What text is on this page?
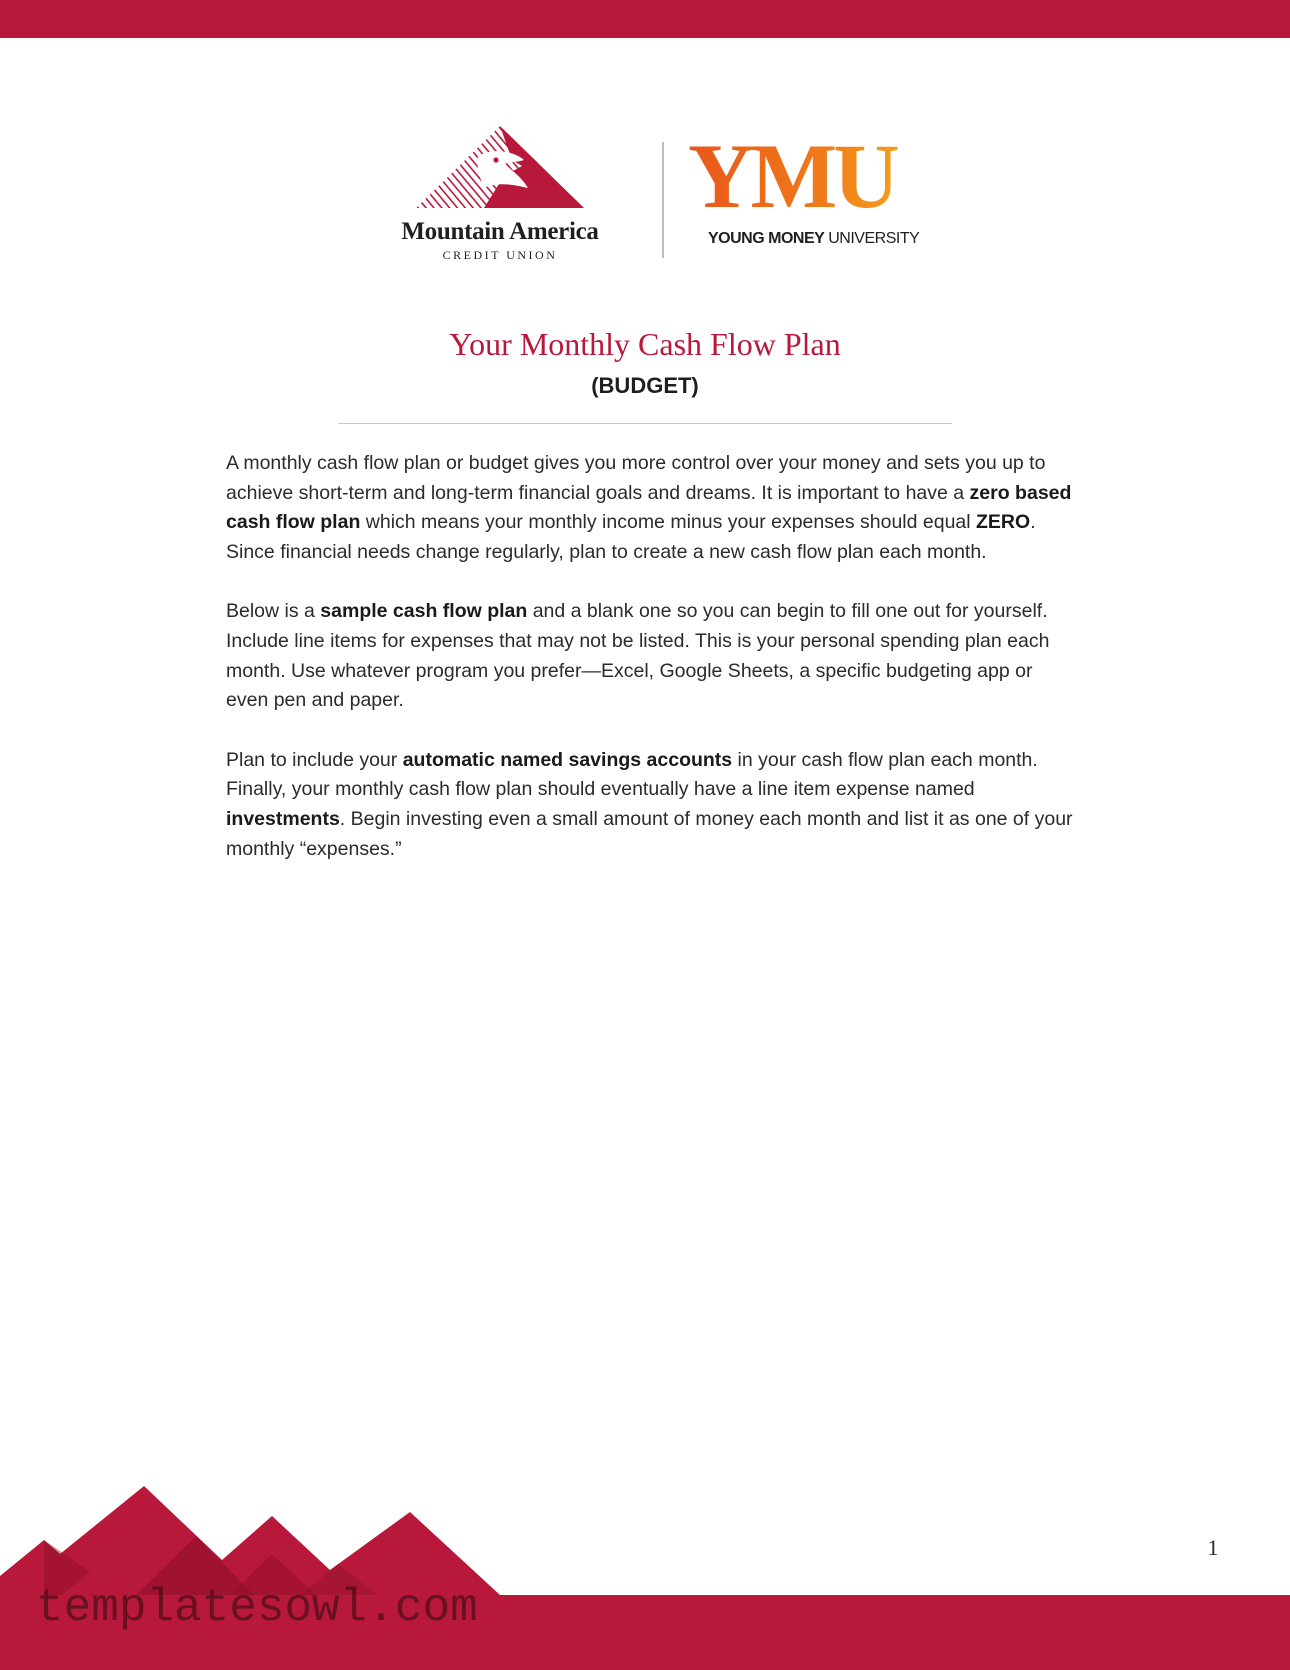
Mountain America
CREDIT UNION
YMU
YOUNG MONEY UNIVERSITY
Your Monthly Cash Flow Plan
(BUDGET)

A monthly cash flow plan or budget gives you more control over your money and sets you up to achieve short-term and long-term financial goals and dreams. It is important to have a zero based cash flow plan which means your monthly income minus your expenses should equal ZERO. Since financial needs change regularly, plan to create a new cash flow plan each month.

Below is a sample cash flow plan and a blank one so you can begin to fill one out for yourself. Include line items for expenses that may not be listed. This is your personal spending plan each month. Use whatever program you prefer—Excel, Google Sheets, a specific budgeting app or even pen and paper.

Plan to include your automatic named savings accounts in your cash flow plan each month. Finally, your monthly cash flow plan should eventually have a line item expense named investments. Begin investing even a small amount of money each month and list it as one of your monthly “expenses.”

1
templatesowl.com
